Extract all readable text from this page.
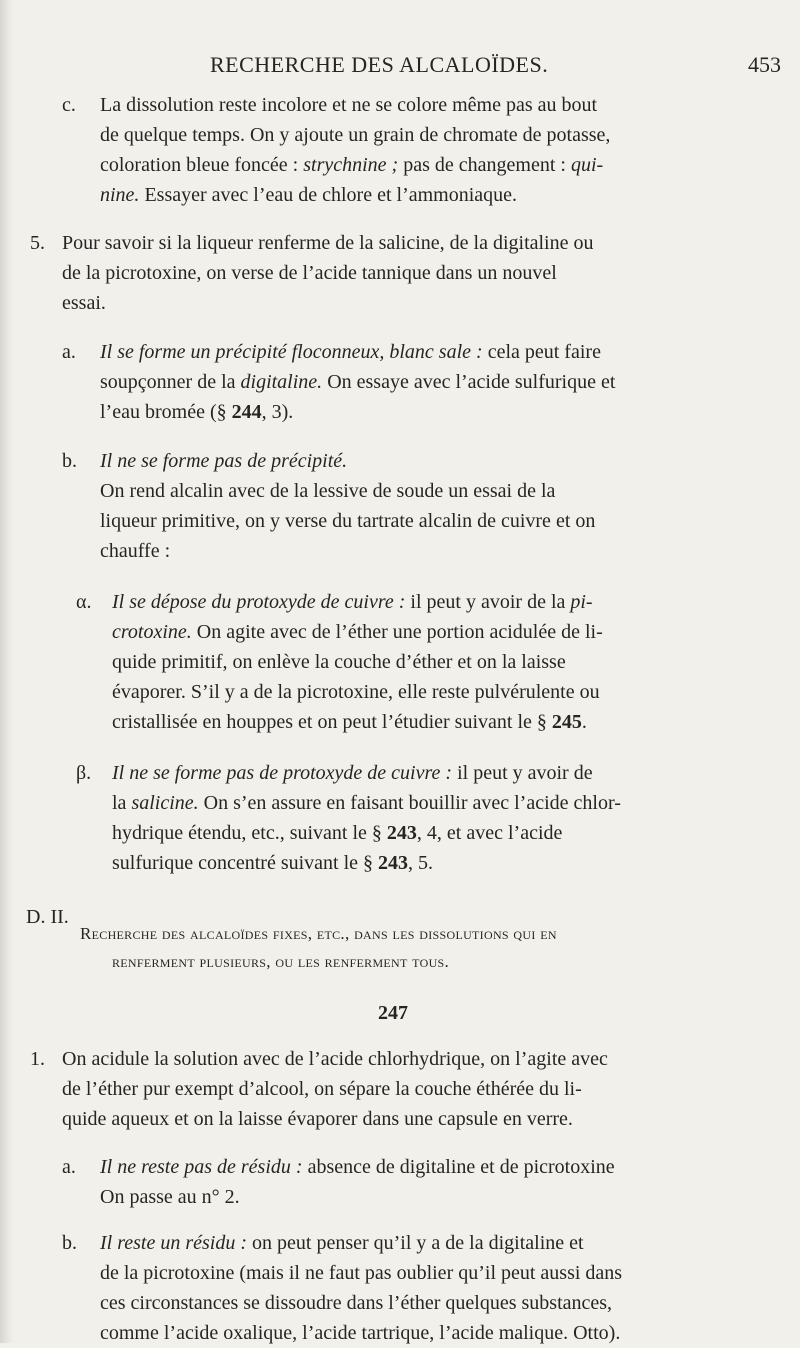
RECHERCHE DES ALCALOÏDES.	453
c. La dissolution reste incolore et ne se colore même pas au bout

de quelque temps. On y ajoute un grain de chromate de potasse,

coloration bleue foncée : strychnine ; pas de changement : qui-

nine. Essayer avec l’eau de chlore et l’ammoniaque.

5. Pour savoir si la liqueur renferme de la salicine, de la digitaline ou

de la picrotoxine, on verse de l’acide tannique dans un nouvel

essai.

a. Il se forme un précipité floconneux, blanc sale : cela peut faire

soupçonner de la digitaline. On essaye avec l’acide sulfurique et

l’eau bromée (§ 244, 3).

b. Il ne se forme pas de précipité.

On rend alcalin avec de la lessive de soude un essai de la

liqueur primitive, on y verse du tartrate alcalin de cuivre et on

chauffe :

α. Il se dépose du protoxyde de cuivre : il peut y avoir de la pi-

crotoxine. On agite avec de l’éther une portion acidulée de li-

quide primitif, on enlève la couche d’éther et on la laisse

évaporer. S’il y a de la picrotoxine, elle reste pulvérulente ou

cristallisée en houppes et on peut l’étudier suivant le § 245.

β. Il ne se forme pas de protoxyde de cuivre : il peut y avoir de

la salicine. On s’en assure en faisant bouillir avec l’acide chlor-

hydrique étendu, etc., suivant le § 243, 4, et avec l’acide

sulfurique concentré suivant le § 243, 5.

D. II.

Recherche des alcaloïdes fixes, etc., dans les dissolutions qui en

renferment plusieurs, ou les renferment tous.

247

1. On acidule la solution avec de l’acide chlorhydrique, on l’agite avec

de l’éther pur exempt d’alcool, on sépare la couche éthérée du li-

quide aqueux et on la laisse évaporer dans une capsule en verre.

a. Il ne reste pas de résidu : absence de digitaline et de picrotoxine

On passe au n° 2.

b. Il reste un résidu : on peut penser qu’il y a de la digitaline et

de la picrotoxine (mais il ne faut pas oublier qu’il peut aussi dans

ces circonstances se dissoudre dans l’éther quelques substances,

comme l’acide oxalique, l’acide tartrique, l’acide malique. Otto).
